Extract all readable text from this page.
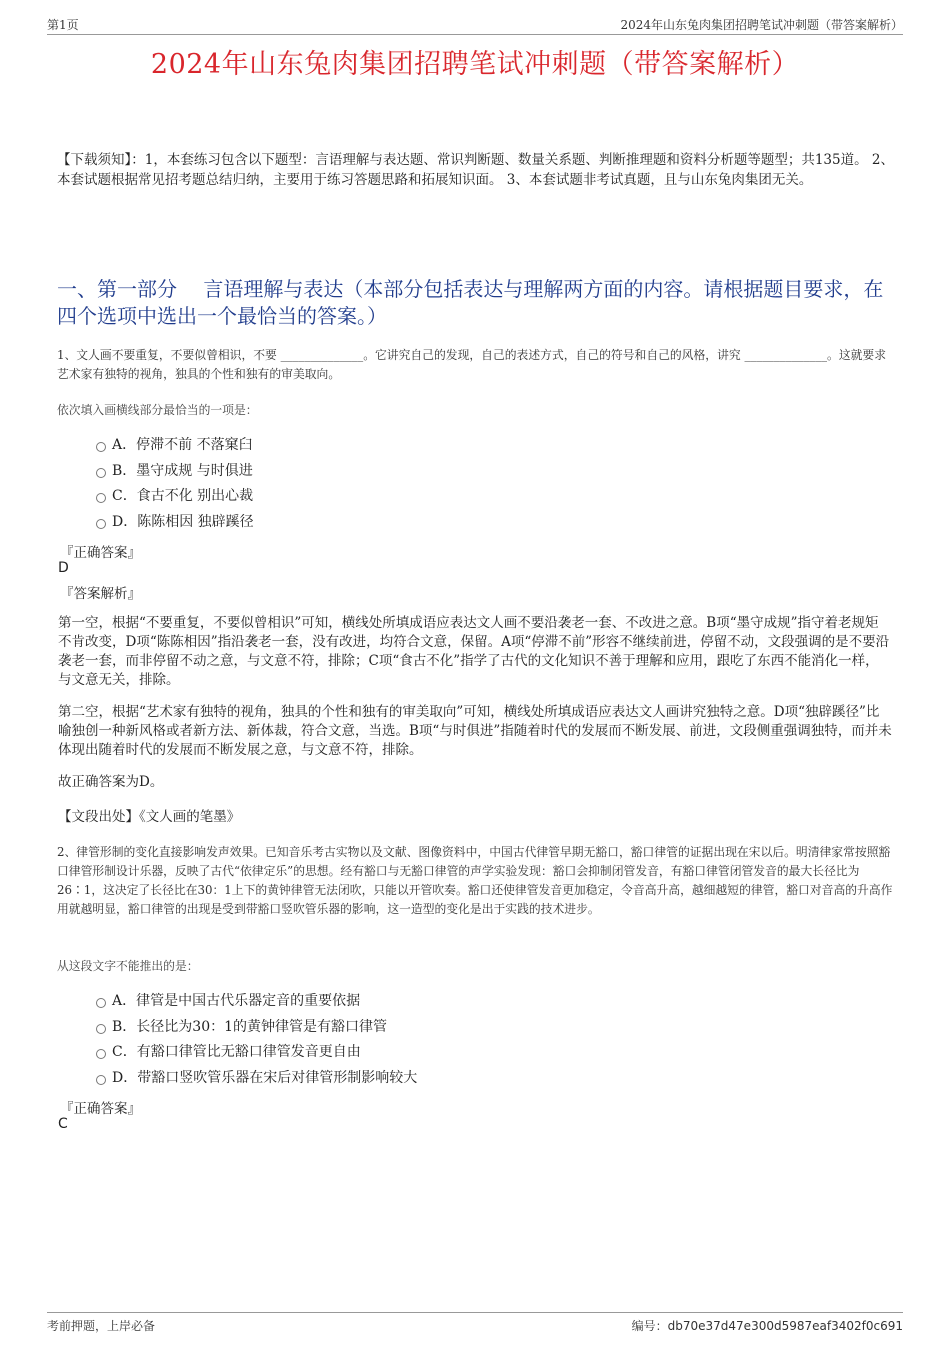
第1页	2024年山东兔肉集团招聘笔试冲刺题（带答案解析）
2024年山东兔肉集团招聘笔试冲刺题（带答案解析）
【下载须知】：1，本套练习包含以下题型：言语理解与表达题、常识判断题、数量关系题、判断推理题和资料分析题等题型；共135道。 2、本套试题根据常见招考题总结归纳，主要用于练习答题思路和拓展知识面。 3、本套试题非考试真题，且与山东兔肉集团无关。
一、第一部分　 言语理解与表达（本部分包括表达与理解两方面的内容。请根据题目要求，在四个选项中选出一个最恰当的答案。）
1、文人画不要重复，不要似曾相识，不要 ______________。它讲究自己的发现，自己的表述方式，自己的符号和自己的风格，讲究 ______________。这就要求艺术家有独特的视角，独具的个性和独有的审美取向。
依次填入画横线部分最恰当的一项是：
A．停滞不前 不落窠臼
B．墨守成规 与时俱进
C．食古不化 别出心裁
D．陈陈相因 独辟蹊径
『正确答案』
D
『答案解析』
第一空，根据“不要重复，不要似曾相识”可知，横线处所填成语应表达文人画不要沿袭老一套、不改进之意。B项“墨守成规”指守着老规矩不肯改变，D项“陈陈相因”指沿袭老一套，没有改进，均符合文意，保留。A项“停滞不前”形容不继续前进，停留不动，文段强调的是不要沿袭老一套，而非停留不动之意，与文意不符，排除；C项“食古不化”指学了古代的文化知识不善于理解和应用，跟吃了东西不能消化一样，与文意无关，排除。
第二空，根据“艺术家有独特的视角，独具的个性和独有的审美取向”可知，横线处所填成语应表达文人画讲究独特之意。D项“独辟蹊径”比喻独创一种新风格或者新方法、新体裁，符合文意，当选。B项“与时俱进”指随着时代的发展而不断发展、前进，文段侧重强调独特，而并未体现出随着时代的发展而不断发展之意，与文意不符，排除。
故正确答案为D。
【文段出处】《文人画的笔墨》
2、律管形制的变化直接影响发声效果。已知音乐考古实物以及文献、图像资料中，中国古代律管早期无豁口，豁口律管的证据出现在宋以后。明清律家常按照豁口律管形制设计乐器，反映了古代“依律定乐”的思想。经有豁口与无豁口律管的声学实验发现：豁口会抑制闭管发音，有豁口律管闭管发音的最大长径比为26∶1，这决定了长径比在30：1上下的黄钟律管无法闭吹，只能以开管吹奏。豁口还使律管发音更加稳定，令音高升高，越细越短的律管，豁口对音高的升高作用就越明显，豁口律管的出现是受到带豁口竖吹管乐器的影响，这一造型的变化是出于实践的技术进步。
从这段文字不能推出的是：
A．律管是中国古代乐器定音的重要依据
B．长径比为30：1的黄钟律管是有豁口律管
C．有豁口律管比无豁口律管发音更自由
D．带豁口竖吹管乐器在宋后对律管形制影响较大
『正确答案』
C
考前押题，上岸必备	编号：db70e37d47e300d5987eaf3402f0c691
